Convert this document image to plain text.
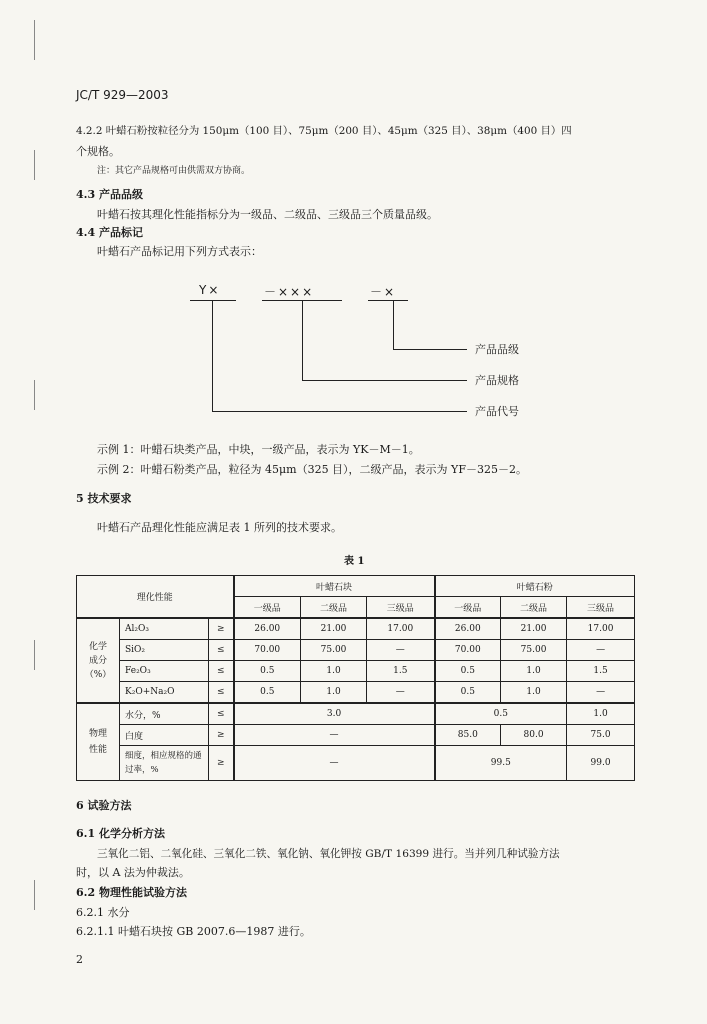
JC/T 929—2003
4.2.2 叶蜡石粉按粒径分为 150μm（100 目）、75μm（200 目）、45μm（325 目）、38μm（400 目）四
个规格。
注：其它产品规格可由供需双方协商。
4.3 产品品级
叶蜡石按其理化性能指标分为一级品、二级品、三级品三个质量品级。
4.4 产品标记
叶蜡石产品标记用下列方式表示：
Y×	－×××	－×
产品品级
产品规格
产品代号
示例 1：叶蜡石块类产品，中块，一级产品，表示为 YK－M－1。
示例 2：叶蜡石粉类产品，粒径为 45μm（325 目），二级产品，表示为 YF－325－2。
5 技术要求
叶蜡石产品理化性能应满足表 1 所列的技术要求。
表 1
理化性能			叶蜡石块			叶蜡石粉		
			一级品	二级品	三级品	一级品	二级品	三级品

化学
成分
（%）	Al₂O₃	≥	26.00	21.00	17.00	26.00	21.00	17.00
	SiO₂	≤	70.00	75.00	—	70.00	75.00	—
	Fe₂O₃	≤	0.5	1.0	1.5	0.5	1.0	1.5
	K₂O+Na₂O	≤	0.5	1.0	—	0.5	1.0	—

物理
性能	水分，%	≤	3.0			0.5		1.0
	白度	≥	—			85.0	80.0	75.0

	细度，相应规格的通
过率，%	≥	—			99.5		99.0
6 试验方法
6.1 化学分析方法
三氧化二铝、二氧化硅、三氧化二铁、氧化钠、氧化钾按 GB/T 16399 进行。当并列几种试验方法
时，以 A 法为仲裁法。
6.2 物理性能试验方法
6.2.1 水分
6.2.1.1 叶蜡石块按 GB 2007.6—1987 进行。
2
